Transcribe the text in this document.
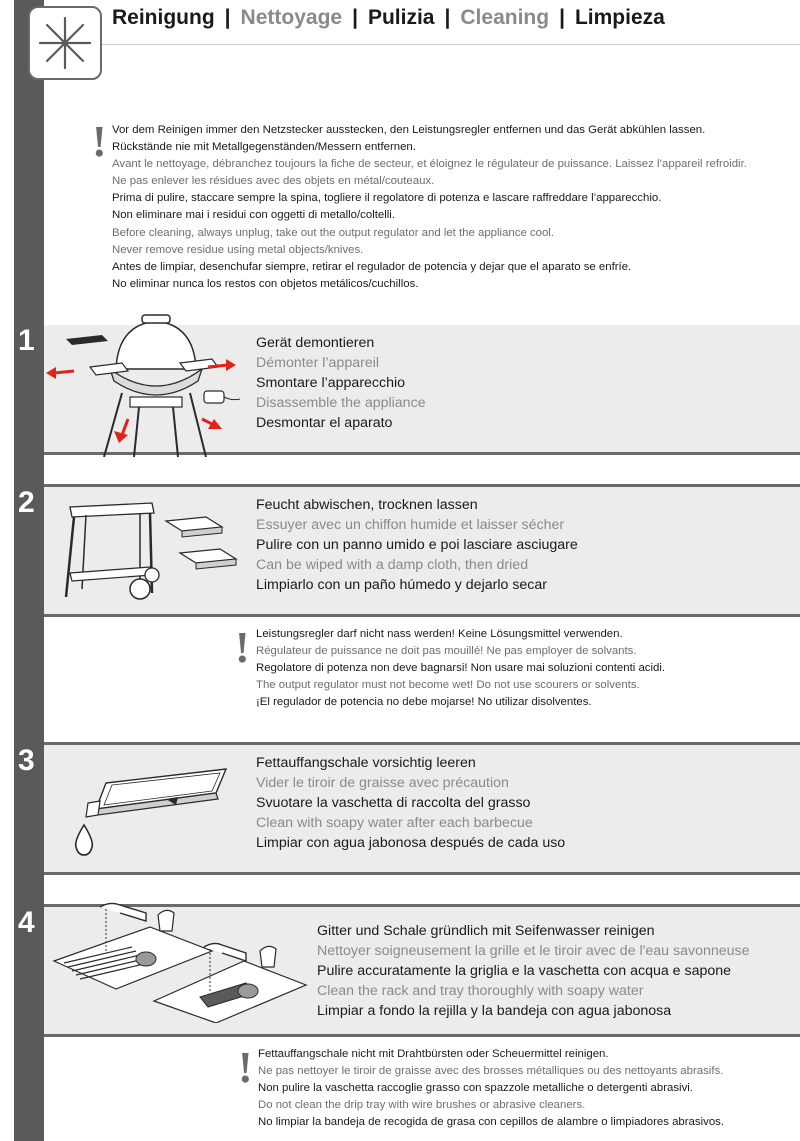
Reinigung | Nettoyage | Pulizia | Cleaning | Limpieza
! Vor dem Reinigen immer den Netzstecker ausstecken, den Leistungsregler entfernen und das Gerät abkühlen lassen.
Rückstände nie mit Metallgegenständen/Messern entfernen.
Avant le nettoyage, débranchez toujours la fiche de secteur, et éloignez le régulateur de puissance. Laissez l’appareil refroidir.
Ne pas enlever les résidues avec des objets en métal/couteaux.
Prima di pulire, staccare sempre la spina, togliere il regolatore di potenza e lascare raffreddare l’apparecchio.
Non eliminare mai i residui con oggetti di metallo/coltelli.
Before cleaning, always unplug, take out the output regulator and let the appliance cool.
Never remove residue using metal objects/knives.
Antes de limpiar, desenchufar siempre, retirar el regulador de potencia y dejar que el aparato se enfríe.
No eliminar nunca los restos con objetos metálicos/cuchillos.
Gerät demontieren
Démonter l’appareil
Smontare l’apparecchio
Disassemble the appliance
Desmontar el aparato
1
Feucht abwischen, trocknen lassen
Essuyer avec un chiffon humide et laisser sécher
Pulire con un panno umido e poi lasciare asciugare
Can be wiped with a damp cloth, then dried
Limpiarlo con un paño húmedo y dejarlo secar
2
! Leistungsregler darf nicht nass werden! Keine Lösungsmittel verwenden.
Régulateur de puissance ne doit pas mouillé! Ne pas employer de solvants.
Regolatore di potenza non deve bagnarsi! Non usare mai soluzioni contenti acidi.
The output regulator must not become wet! Do not use scourers or solvents.
¡El regulador de potencia no debe mojarse! No utilizar disolventes.
Fettauffangschale vorsichtig leeren
Vider le tiroir de graisse avec précaution
Svuotare la vaschetta di raccolta del grasso
Clean with soapy water after each barbecue
Limpiar con agua jabonosa después de cada uso
3
Gitter und Schale gründlich mit Seifenwasser reinigen
Nettoyer soigneusement la grille et le tiroir avec de l'eau savonneuse
Pulire accuratamente la griglia e la vaschetta con acqua e sapone
Clean the rack and tray thoroughly with soapy water
Limpiar a fondo la rejilla y la bandeja con agua jabonosa
4
! Fettauffangschale nicht mit Drahtbürsten oder Scheuermittel reinigen.
Ne pas nettoyer le tiroir de graisse avec des brosses métalliques ou des nettoyants abrasifs.
Non pulire la vaschetta raccoglie grasso con spazzole metalliche o detergenti abrasivi.
Do not clean the drip tray with wire brushes or abrasive cleaners.
No limpiar la bandeja de recogida de grasa con cepillos de alambre o limpiadores abrasivos.
